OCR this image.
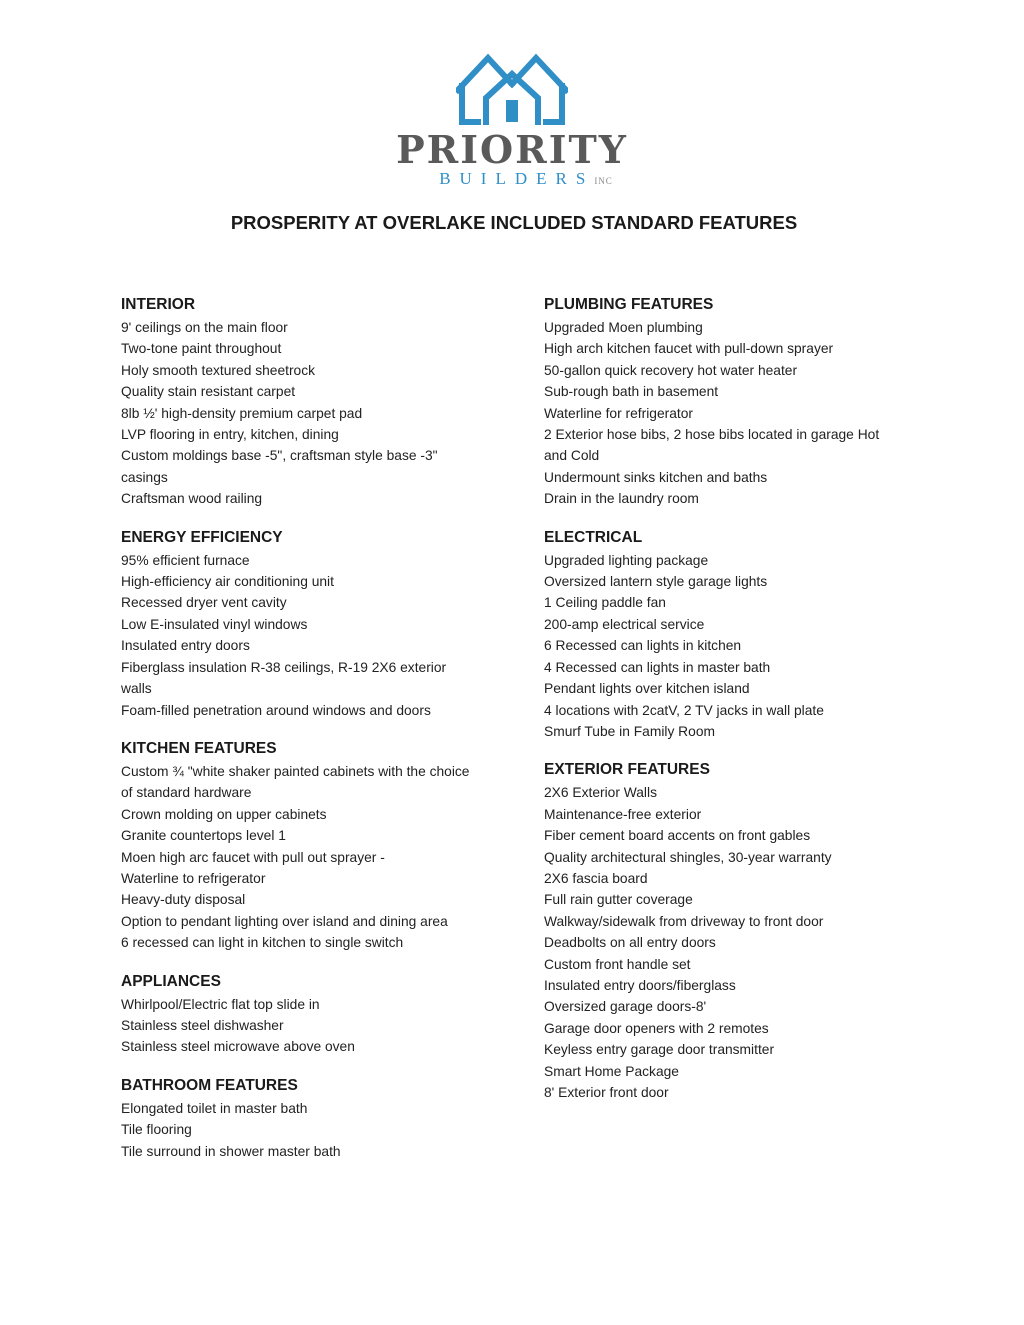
PRIORITY
BUILDERSINC
PROSPERITY AT OVERLAKE INCLUDED STANDARD FEATURES
INTERIOR
9' ceilings on the main floor
Two-tone paint throughout
Holy smooth textured sheetrock
Quality stain resistant carpet
8lb ½' high-density premium carpet pad
LVP flooring in entry, kitchen, dining
Custom moldings base -5", craftsman style base -3" casings
Craftsman wood railing
ENERGY EFFICIENCY
95% efficient furnace
High-efficiency air conditioning unit
Recessed dryer vent cavity
Low E-insulated vinyl windows
Insulated entry doors
Fiberglass insulation R-38 ceilings, R-19 2X6 exterior walls
Foam-filled penetration around windows and doors
KITCHEN FEATURES
Custom ¾ "white shaker painted cabinets with the choice of standard hardware
Crown molding on upper cabinets
Granite countertops level 1
Moen high arc faucet with pull out sprayer -
Waterline to refrigerator
Heavy-duty disposal
Option to pendant lighting over island and dining area
6 recessed can light in kitchen to single switch
APPLIANCES
Whirlpool/Electric flat top slide in
Stainless steel dishwasher
Stainless steel microwave above oven
BATHROOM FEATURES
Elongated toilet in master bath
Tile flooring
Tile surround in shower master bath
PLUMBING FEATURES
Upgraded Moen plumbing
High arch kitchen faucet with pull-down sprayer
50-gallon quick recovery hot water heater
Sub-rough bath in basement
Waterline for refrigerator
2 Exterior hose bibs, 2 hose bibs located in garage Hot and Cold
Undermount sinks kitchen and baths
Drain in the laundry room
ELECTRICAL
Upgraded lighting package
Oversized lantern style garage lights
1 Ceiling paddle fan
200-amp electrical service
6 Recessed can lights in kitchen
4 Recessed can lights in master bath
Pendant lights over kitchen island
4 locations with 2catV, 2 TV jacks in wall plate
Smurf Tube in Family Room
EXTERIOR FEATURES
2X6 Exterior Walls
Maintenance-free exterior
Fiber cement board accents on front gables
Quality architectural shingles, 30-year warranty
2X6 fascia board
Full rain gutter coverage
Walkway/sidewalk from driveway to front door
Deadbolts on all entry doors
Custom front handle set
Insulated entry doors/fiberglass
Oversized garage doors-8'
Garage door openers with 2 remotes
Keyless entry garage door transmitter
Smart Home Package
8' Exterior front door
